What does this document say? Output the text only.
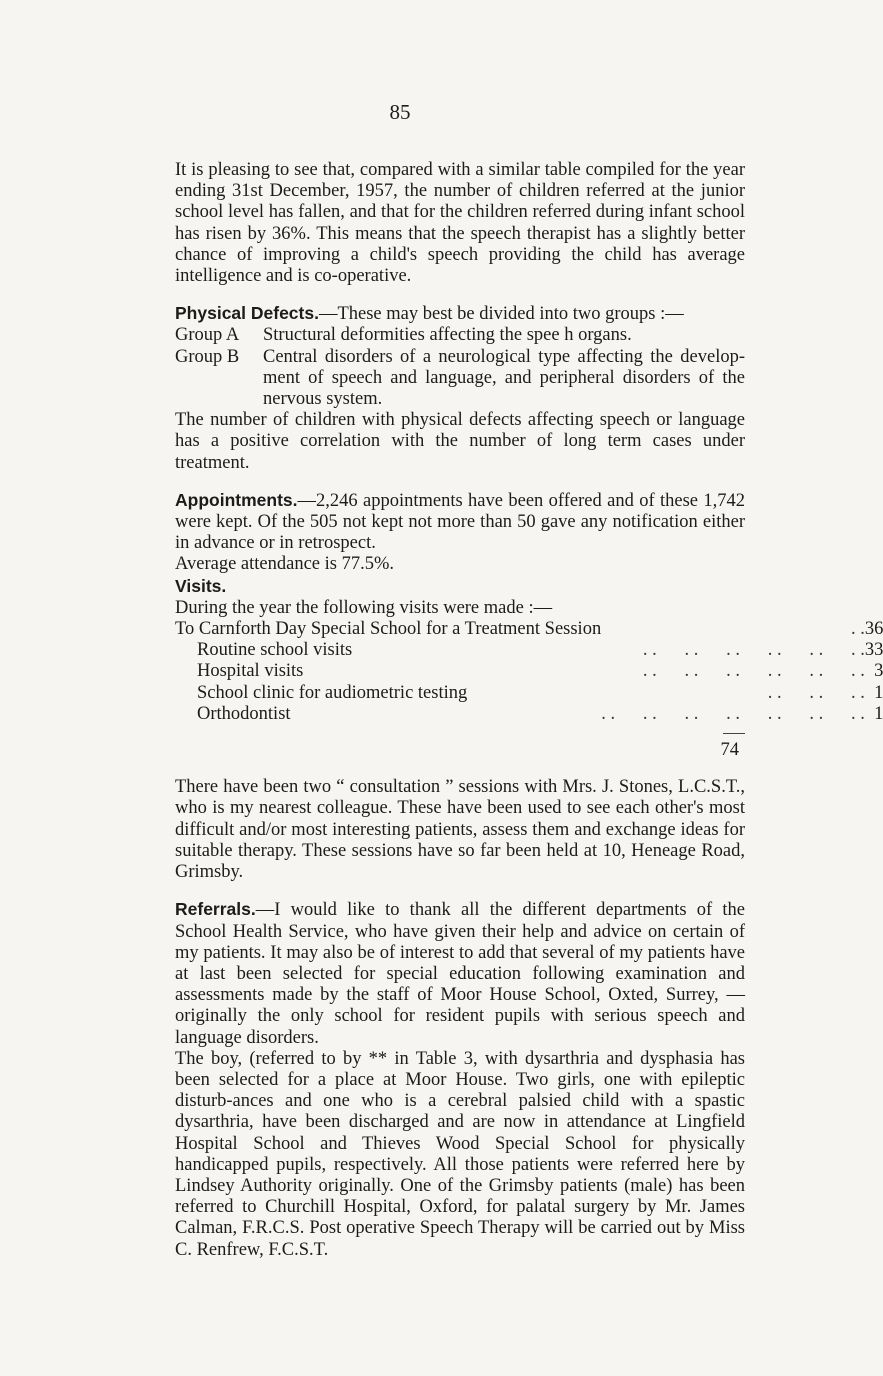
85

It is pleasing to see that, compared with a similar table compiled for the year ending 31st December, 1957, the number of children referred at the junior school level has fallen, and that for the children referred during infant school has risen by 36%. This means that the speech therapist has a slightly better chance of improving a child's speech providing the child has average intelligence and is co-operative.

Physical Defects.—These may best be divided into two groups :—

Group A	Structural deformities affecting the spee h organs.
Group B	Central disorders of a neurological type affecting the develop-ment of speech and language, and peripheral disorders of the nervous system.

The number of children with physical defects affecting speech or language has a positive correlation with the number of long term cases under treatment.

Appointments.—2,246 appointments have been offered and of these 1,742 were kept. Of the 505 not kept not more than 50 gave any notification either in advance or in retrospect.

Average attendance is 77.5%.

Visits.

During the year the following visits were made :—

To Carnforth Day Special School for a Treatment Session	. .	36
Routine school visits	. .      . .      . .      . .      . .      . .	33
Hospital visits	. .      . .      . .      . .      . .      . .	3
School clinic for audiometric testing	. .      . .      . .	1
Orthodontist	. .      . .      . .      . .      . .      . .      . .	1
74

There have been two “ consultation ” sessions with Mrs. J. Stones, L.C.S.T., who is my nearest colleague. These have been used to see each other's most difficult and/or most interesting patients, assess them and exchange ideas for suitable therapy. These sessions have so far been held at 10, Heneage Road, Grimsby.

Referrals.—I would like to thank all the different departments of the School Health Service, who have given their help and advice on certain of my patients. It may also be of interest to add that several of my patients have at last been selected for special education following examination and assessments made by the staff of Moor House School, Oxted, Surrey, — originally the only school for resident pupils with serious speech and language disorders.

The boy, (referred to by ** in Table 3, with dysarthria and dysphasia has been selected for a place at Moor House. Two girls, one with epileptic disturb-ances and one who is a cerebral palsied child with a spastic dysarthria, have been discharged and are now in attendance at Lingfield Hospital School and Thieves Wood Special School for physically handicapped pupils, respectively. All those patients were referred here by Lindsey Authority originally. One of the Grimsby patients (male) has been referred to Churchill Hospital, Oxford, for palatal surgery by Mr. James Calman, F.R.C.S. Post operative Speech Therapy will be carried out by Miss C. Renfrew, F.C.S.T.
